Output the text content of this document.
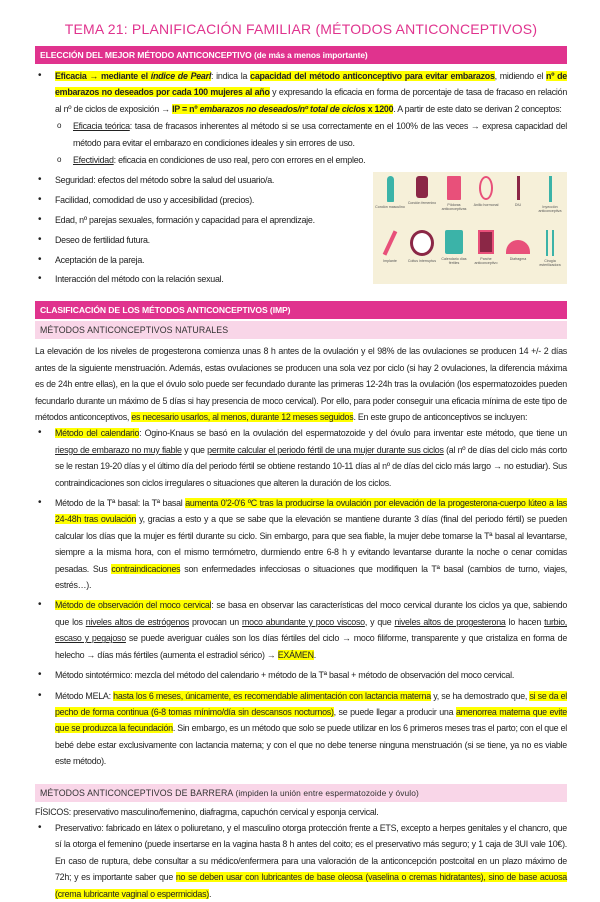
TEMA 21: PLANIFICACIÓN FAMILIAR (MÉTODOS ANTICONCEPTIVOS)
ELECCIÓN DEL MEJOR MÉTODO ANTICONCEPTIVO (de más a menos importante)
• Eficacia → mediante el índice de Pearl: indica la capacidad del método anticonceptivo para evitar embarazos, midiendo el nº de embarazos no deseados por cada 100 mujeres al año y expresando la eficacia en forma de porcentaje de tasa de fracaso en relación al nº de ciclos de exposición → IP = nº embarazos no deseados/nº total de ciclos x 1200. A partir de este dato se derivan 2 conceptos:
o Eficacia teórica: tasa de fracasos inherentes al método si se usa correctamente en el 100% de las veces → expresa capacidad del método para evitar el embarazo en condiciones ideales y sin errores de uso.
o Efectividad: eficacia en condiciones de uso real, pero con errores en el empleo.
• Seguridad: efectos del método sobre la salud del usuario/a.
• Facilidad, comodidad de uso y accesibilidad (precios).
• Edad, nº parejas sexuales, formación y capacidad para el aprendizaje.
• Deseo de fertilidad futura.
• Aceptación de la pareja.
• Interacción del método con la relación sexual.
Condón masculino
Condón femenino	Píldoras anticonceptivas
Anillo hormonal	DIU	Inyección anticonceptiva
Implante	Coitus interruptus	Calendario días fértiles
Parche anticonceptivo
Diafragma	Cirugía esterilizadora
CLASIFICACIÓN DE LOS MÉTODOS ANTICONCEPTIVOS (IMP)
MÉTODOS ANTICONCEPTIVOS NATURALES

La elevación de los niveles de progesterona comienza unas 8 h antes de la ovulación y el 98% de las ovulaciones se producen 14 +/- 2 días antes de la siguiente menstruación. Además, estas ovulaciones se producen una sola vez por ciclo (si hay 2 ovulaciones, la diferencia máxima es de 24h entre ellas), en la que el óvulo solo puede ser fecundado durante las primeras 12-24h tras la ovulación (los espermatozoides pueden fecundarlo durante un máximo de 5 días si hay presencia de moco cervical). Por ello, para poder conseguir una eficacia mínima de este tipo de métodos anticonceptivos, es necesario usarlos, al menos, durante 12 meses seguidos. En este grupo de anticonceptivos se incluyen:

• Método del calendario: Ogino-Knaus se basó en la ovulación del espermatozoide y del óvulo para inventar este método, que tiene un riesgo de embarazo no muy fiable y que permite calcular el periodo fértil de una mujer durante sus ciclos (al nº de días del ciclo más corto se le restan 19-20 días y el último día del periodo fértil se obtiene restando 10-11 días al nº de días del ciclo más largo → no estudiar). Sus contraindicaciones son ciclos irregulares o situaciones que alteren la duración de los ciclos.
• Método de la Tª basal: la Tª basal aumenta 0'2-0'6 ºC tras la producirse la ovulación por elevación de la progesterona-cuerpo lúteo a las 24-48h tras ovulación y, gracias a esto y a que se sabe que la elevación se mantiene durante 3 días (final del periodo fértil) se pueden calcular los días que la mujer es fértil durante su ciclo. Sin embargo, para que sea fiable, la mujer debe tomarse la Tª basal al levantarse, siempre a la misma hora, con el mismo termómetro, durmiendo entre 6-8 h y evitando levantarse durante la noche o cenar comidas pesadas. Sus contraindicaciones son enfermedades infecciosas o situaciones que modifiquen la Tª basal (cambios de turno, viajes, estrés…).
• Método de observación del moco cervical: se basa en observar las características del moco cervical durante los ciclos ya que, sabiendo que los niveles altos de estrógenos provocan un moco abundante y poco viscoso, y que niveles altos de progesterona lo hacen turbio, escaso y pegajoso se puede averiguar cuáles son los días fértiles del ciclo → moco filiforme, transparente y que cristaliza en forma de helecho → días más fértiles (aumenta el estradiol sérico) → EXÁMEN.
• Método sintotérmico: mezcla del método del calendario + método de la Tª basal + método de observación del moco cervical.
• Método MELA: hasta los 6 meses, únicamente, es recomendable alimentación con lactancia materna y, se ha demostrado que, si se da el pecho de forma continua (6-8 tomas mínimo/día sin descansos nocturnos), se puede llegar a producir una amenorrea materna que evite que se produzca la fecundación. Sin embargo, es un método que solo se puede utilizar en los 6 primeros meses tras el parto; con el que el bebé debe estar exclusivamente con lactancia materna; y con el que no debe tenerse ninguna menstruación (si se tiene, ya no es viable este método).
MÉTODOS ANTICONCEPTIVOS DE BARRERA (impiden la unión entre espermatozoide y óvulo)

FÍSICOS: preservativo masculino/femenino, diafragma, capuchón cervical y esponja cervical.

• Preservativo: fabricado en látex o poliuretano, y el masculino otorga protección frente a ETS, excepto a herpes genitales y el chancro, que sí la otorga el femenino (puede insertarse en la vagina hasta 8 h antes del coito; es el preservativo más seguro; y 1 caja de 3UI vale 10€). En caso de ruptura, debe consultar a su médico/enfermera para una valoración de la anticoncepción postcoital en un plazo máximo de 72h; y es importante saber que no se deben usar con lubricantes de base oleosa (vaselina o cremas hidratantes), sino de base acuosa (crema lubricante vaginal o espermicidas).
